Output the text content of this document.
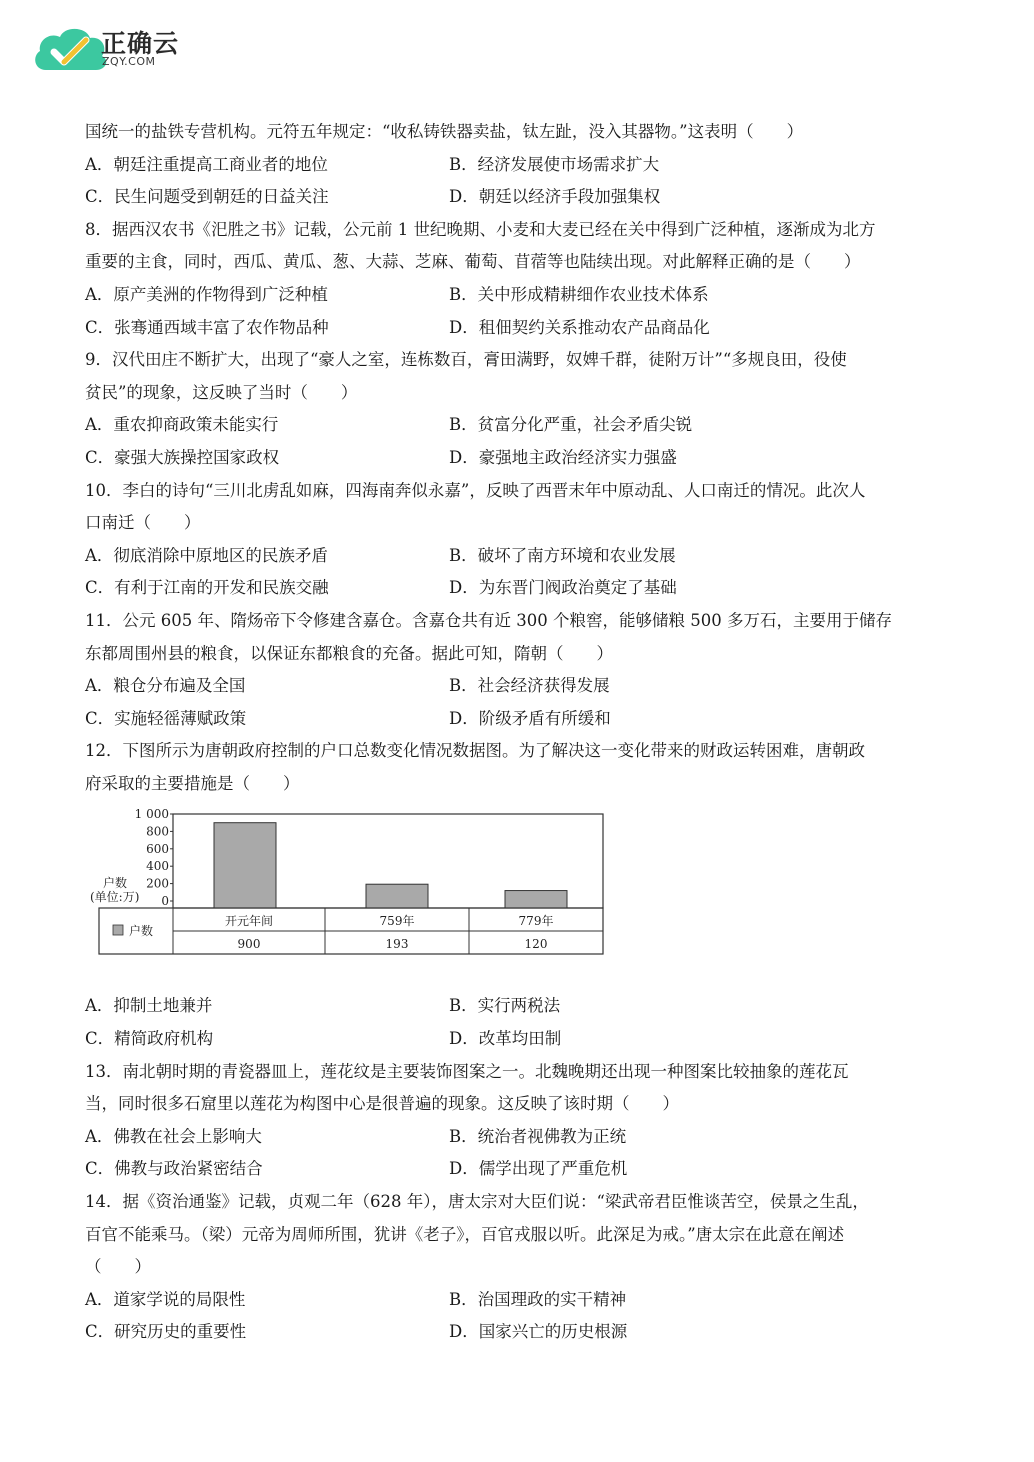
正确云
ZQY.COM
国统一的盐铁专营机构。元符五年规定：“收私铸铁器卖盐，钛左趾，没入其器物。”这表明（　　）
A．朝廷注重提高工商业者的地位	B．经济发展使市场需求扩大
C．民生问题受到朝廷的日益关注	D．朝廷以经济手段加强集权
8．据西汉农书《汜胜之书》记载，公元前 1 世纪晚期、小麦和大麦已经在关中得到广泛种植，逐渐成为北方
重要的主食，同时，西瓜、黄瓜、葱、大蒜、芝麻、葡萄、苜蓿等也陆续出现。对此解释正确的是（　　）
A．原产美洲的作物得到广泛种植	B．关中形成精耕细作农业技术体系
C．张骞通西域丰富了农作物品种	D．租佃契约关系推动农产品商品化
9．汉代田庄不断扩大，出现了“豪人之室，连栋数百，膏田满野，奴婢千群，徒附万计”“多规良田，役使
贫民”的现象，这反映了当时（　　）
A．重农抑商政策未能实行	B．贫富分化严重，社会矛盾尖锐
C．豪强大族操控国家政权	D．豪强地主政治经济实力强盛
10．李白的诗句“三川北虏乱如麻，四海南奔似永嘉”，反映了西晋末年中原动乱、人口南迁的情况。此次人
口南迁（　　）
A．彻底消除中原地区的民族矛盾	B．破坏了南方环境和农业发展
C．有利于江南的开发和民族交融	D．为东晋门阀政治奠定了基础
11．公元 605 年、隋炀帝下令修建含嘉仓。含嘉仓共有近 300 个粮窖，能够储粮 500 多万石，主要用于储存
东都周围州县的粮食，以保证东都粮食的充备。据此可知，隋朝（　　）
A．粮仓分布遍及全国	B．社会经济获得发展
C．实施轻徭薄赋政策	D．阶级矛盾有所缓和
12．下图所示为唐朝政府控制的户口总数变化情况数据图。为了解决这一变化带来的财政运转困难，唐朝政
府采取的主要措施是（　　）
户数
(单位:万)
1 000
800
600
400
200
0
户数
开元年间
900
759年
193
779年
120
A．抑制土地兼并	B．实行两税法
C．精简政府机构	D．改革均田制
13．南北朝时期的青瓷器皿上，莲花纹是主要装饰图案之一。北魏晚期还出现一种图案比较抽象的莲花瓦
当，同时很多石窟里以莲花为构图中心是很普遍的现象。这反映了该时期（　　）
A．佛教在社会上影响大	B．统治者视佛教为正统
C．佛教与政治紧密结合	D．儒学出现了严重危机
14．据《资治通鉴》记载，贞观二年（628 年），唐太宗对大臣们说：“梁武帝君臣惟谈苦空，侯景之生乱，
百官不能乘马。（梁）元帝为周师所围，犹讲《老子》，百官戎服以听。此深足为戒。”唐太宗在此意在阐述
（　　）
A．道家学说的局限性	B．治国理政的实干精神
C．研究历史的重要性	D．国家兴亡的历史根源
